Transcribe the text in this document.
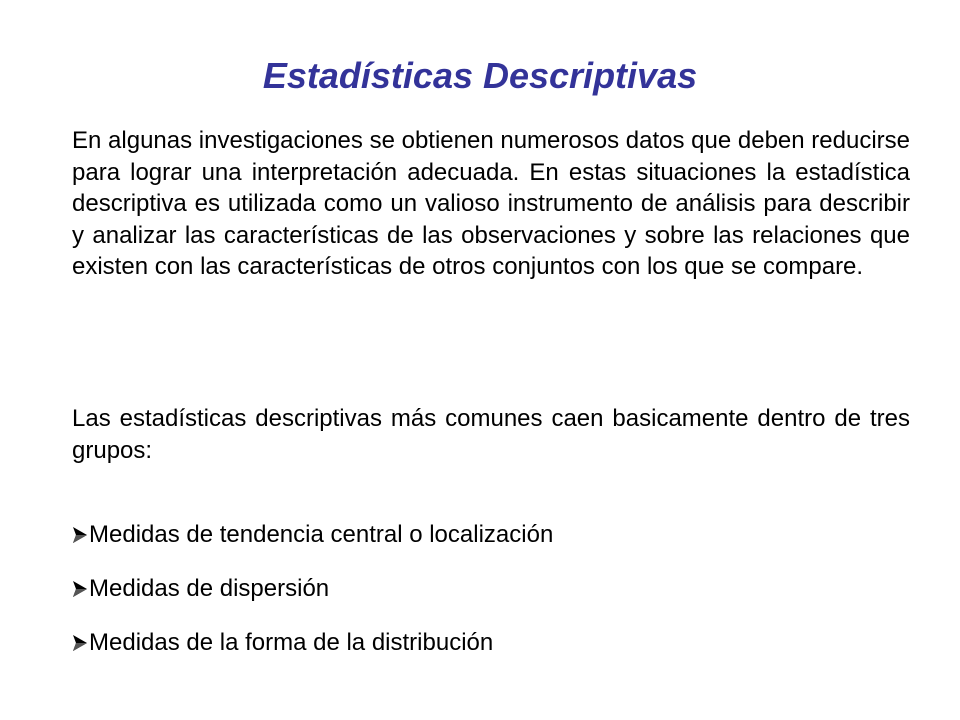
Estadísticas Descriptivas

En algunas investigaciones se obtienen numerosos datos que deben reducirse para lograr una interpretación adecuada. En estas situaciones la estadística descriptiva es utilizada como un valioso instrumento de análisis para describir y analizar las características de las observaciones y sobre las relaciones que existen con las características de otros conjuntos con los que se compare.

Las estadísticas descriptivas más comunes caen basicamente dentro de tres grupos:

Medidas de tendencia central o localización
Medidas de dispersión
Medidas de la forma de la distribución
